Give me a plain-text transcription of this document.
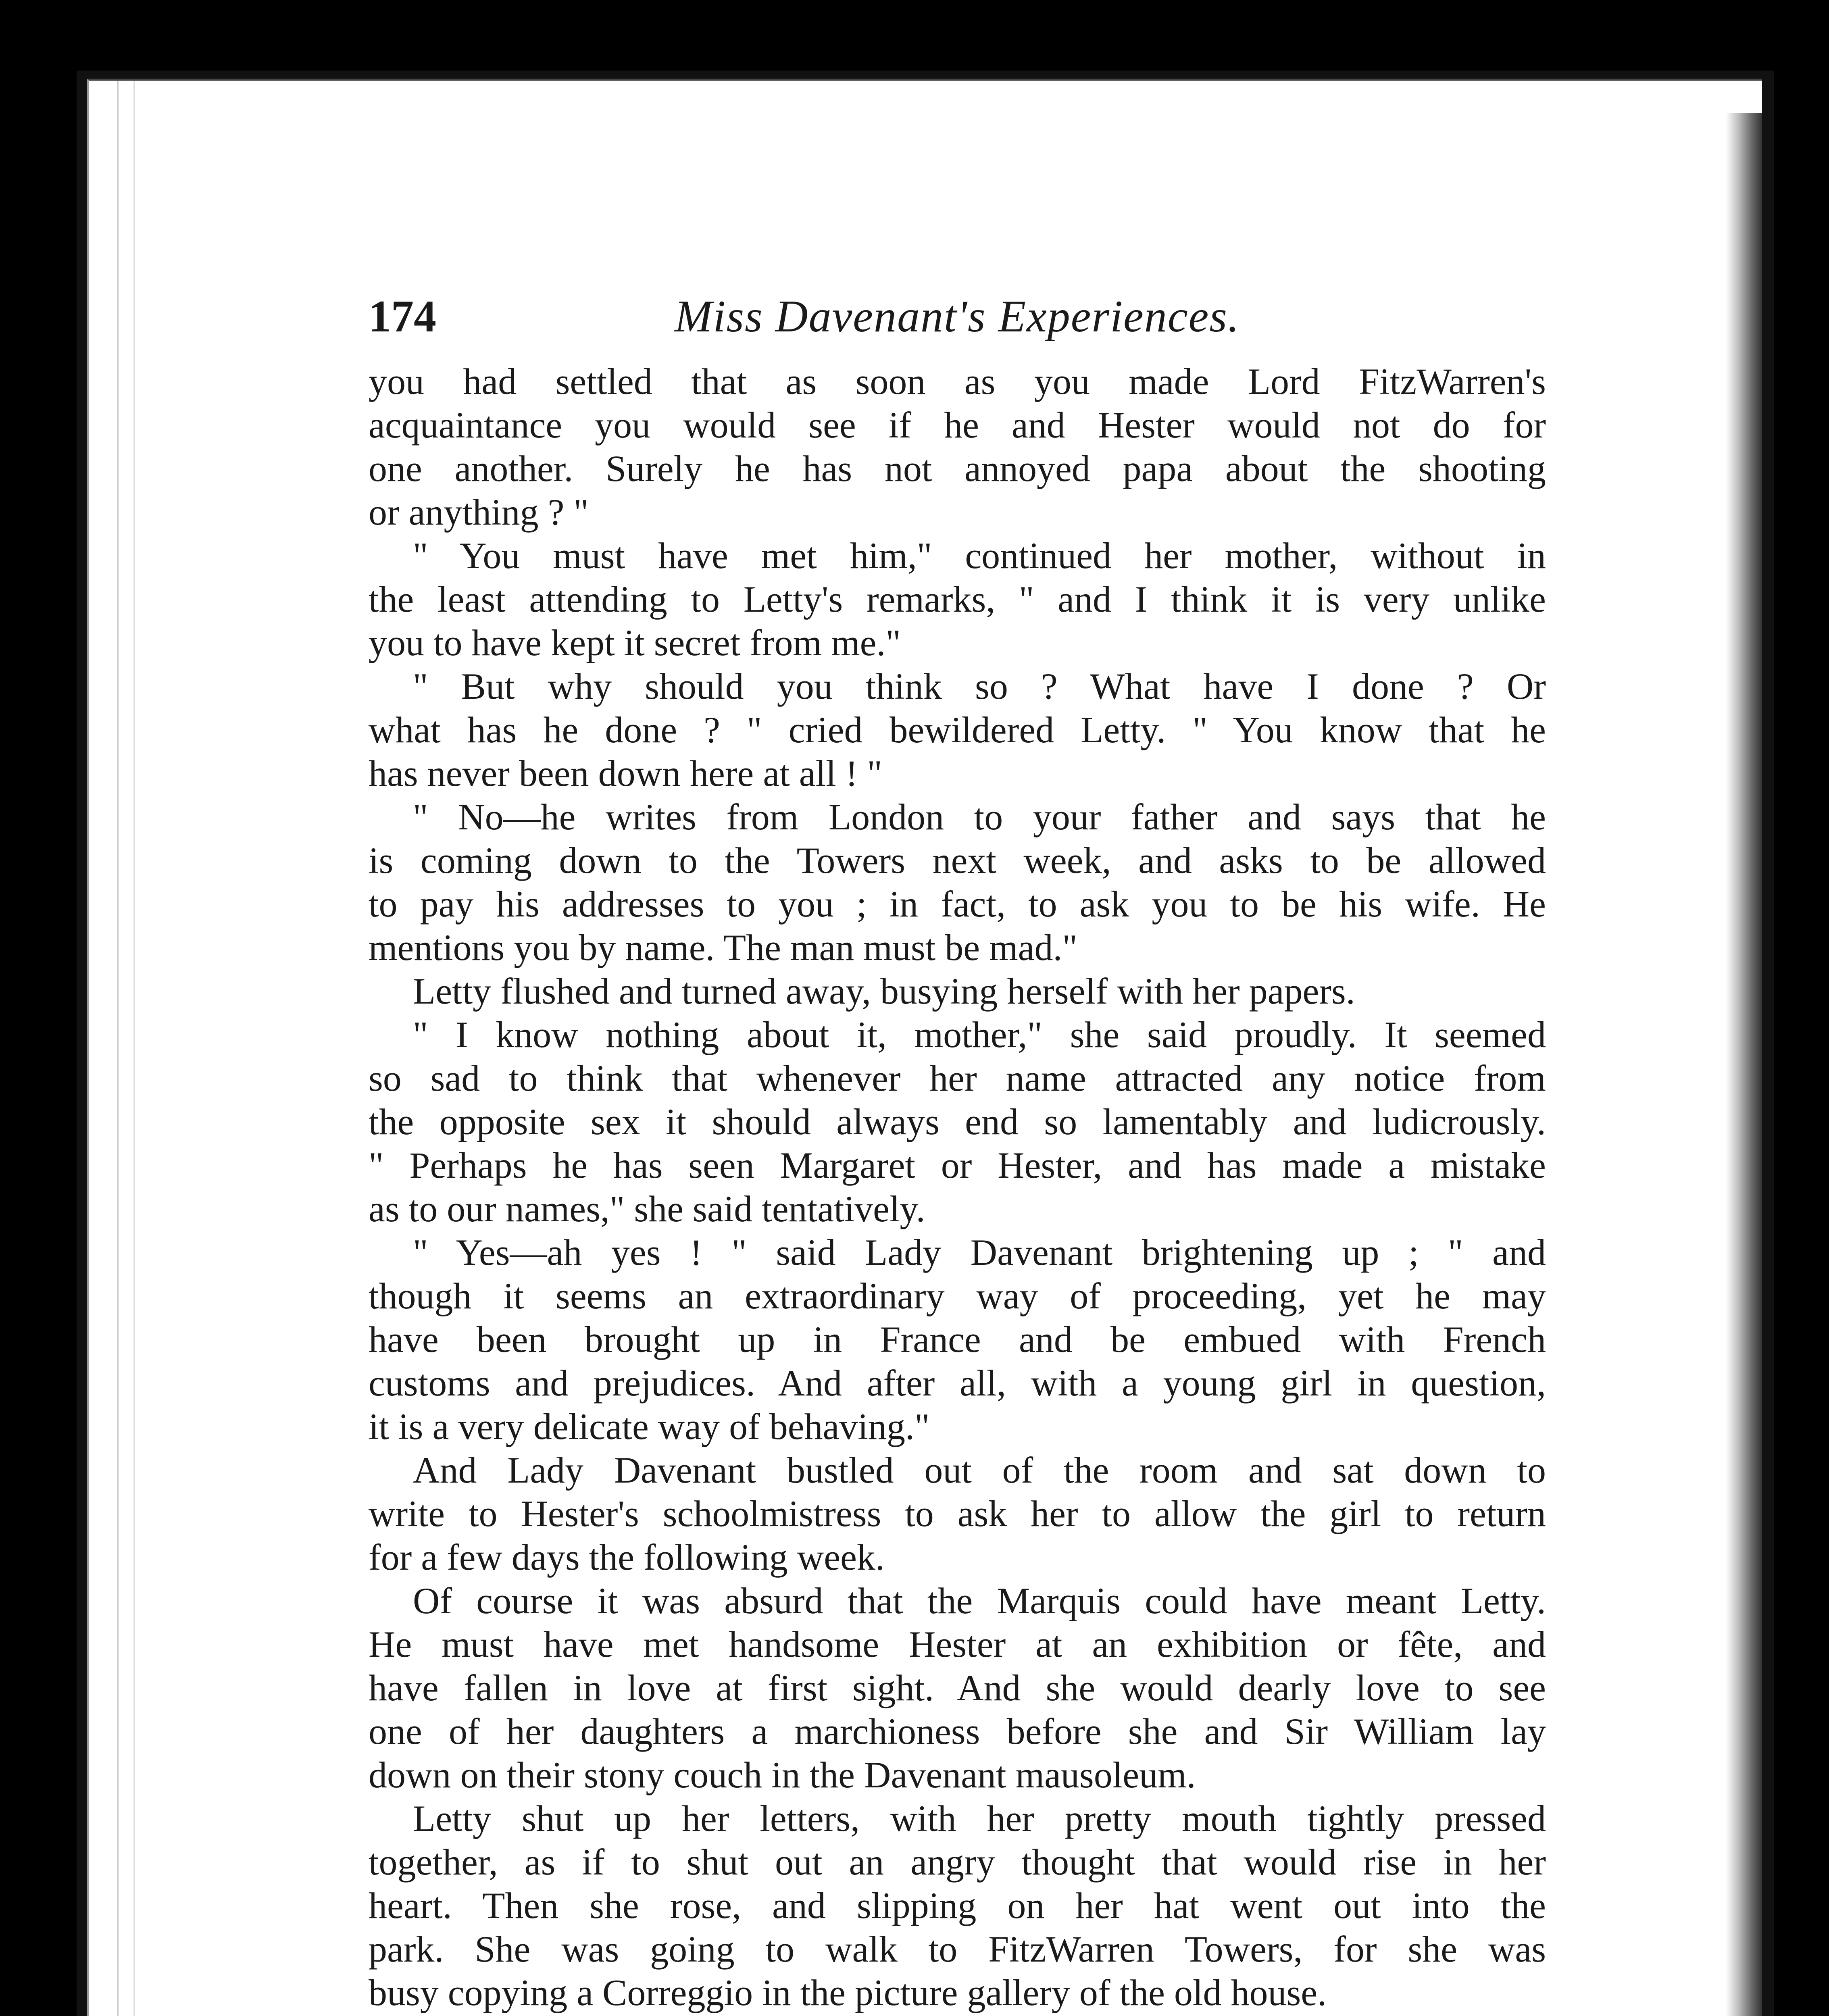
174	Miss Davenant's Experiences.
you had settled that as soon as you made Lord FitzWarren's
acquaintance you would see if he and Hester would not do for
one another. Surely he has not annoyed papa about the shooting
or anything ? "
" You must have met him," continued her mother, without in
the least attending to Letty's remarks, " and I think it is very unlike
you to have kept it secret from me."
" But why should you think so ? What have I done ? Or
what has he done ? " cried bewildered Letty. " You know that he
has never been down here at all ! "
" No—he writes from London to your father and says that he
is coming down to the Towers next week, and asks to be allowed
to pay his addresses to you ; in fact, to ask you to be his wife. He
mentions you by name. The man must be mad."
Letty flushed and turned away, busying herself with her papers.
" I know nothing about it, mother," she said proudly. It seemed
so sad to think that whenever her name attracted any notice from
the opposite sex it should always end so lamentably and ludicrously.
" Perhaps he has seen Margaret or Hester, and has made a mistake
as to our names," she said tentatively.
" Yes—ah yes ! " said Lady Davenant brightening up ; " and
though it seems an extraordinary way of proceeding, yet he may
have been brought up in France and be embued with French
customs and prejudices. And after all, with a young girl in question,
it is a very delicate way of behaving."
And Lady Davenant bustled out of the room and sat down to
write to Hester's schoolmistress to ask her to allow the girl to return
for a few days the following week.
Of course it was absurd that the Marquis could have meant Letty.
He must have met handsome Hester at an exhibition or fête, and
have fallen in love at first sight. And she would dearly love to see
one of her daughters a marchioness before she and Sir William lay
down on their stony couch in the Davenant mausoleum.
Letty shut up her letters, with her pretty mouth tightly pressed
together, as if to shut out an angry thought that would rise in her
heart. Then she rose, and slipping on her hat went out into the
park. She was going to walk to FitzWarren Towers, for she was
busy copying a Correggio in the picture gallery of the old house.
